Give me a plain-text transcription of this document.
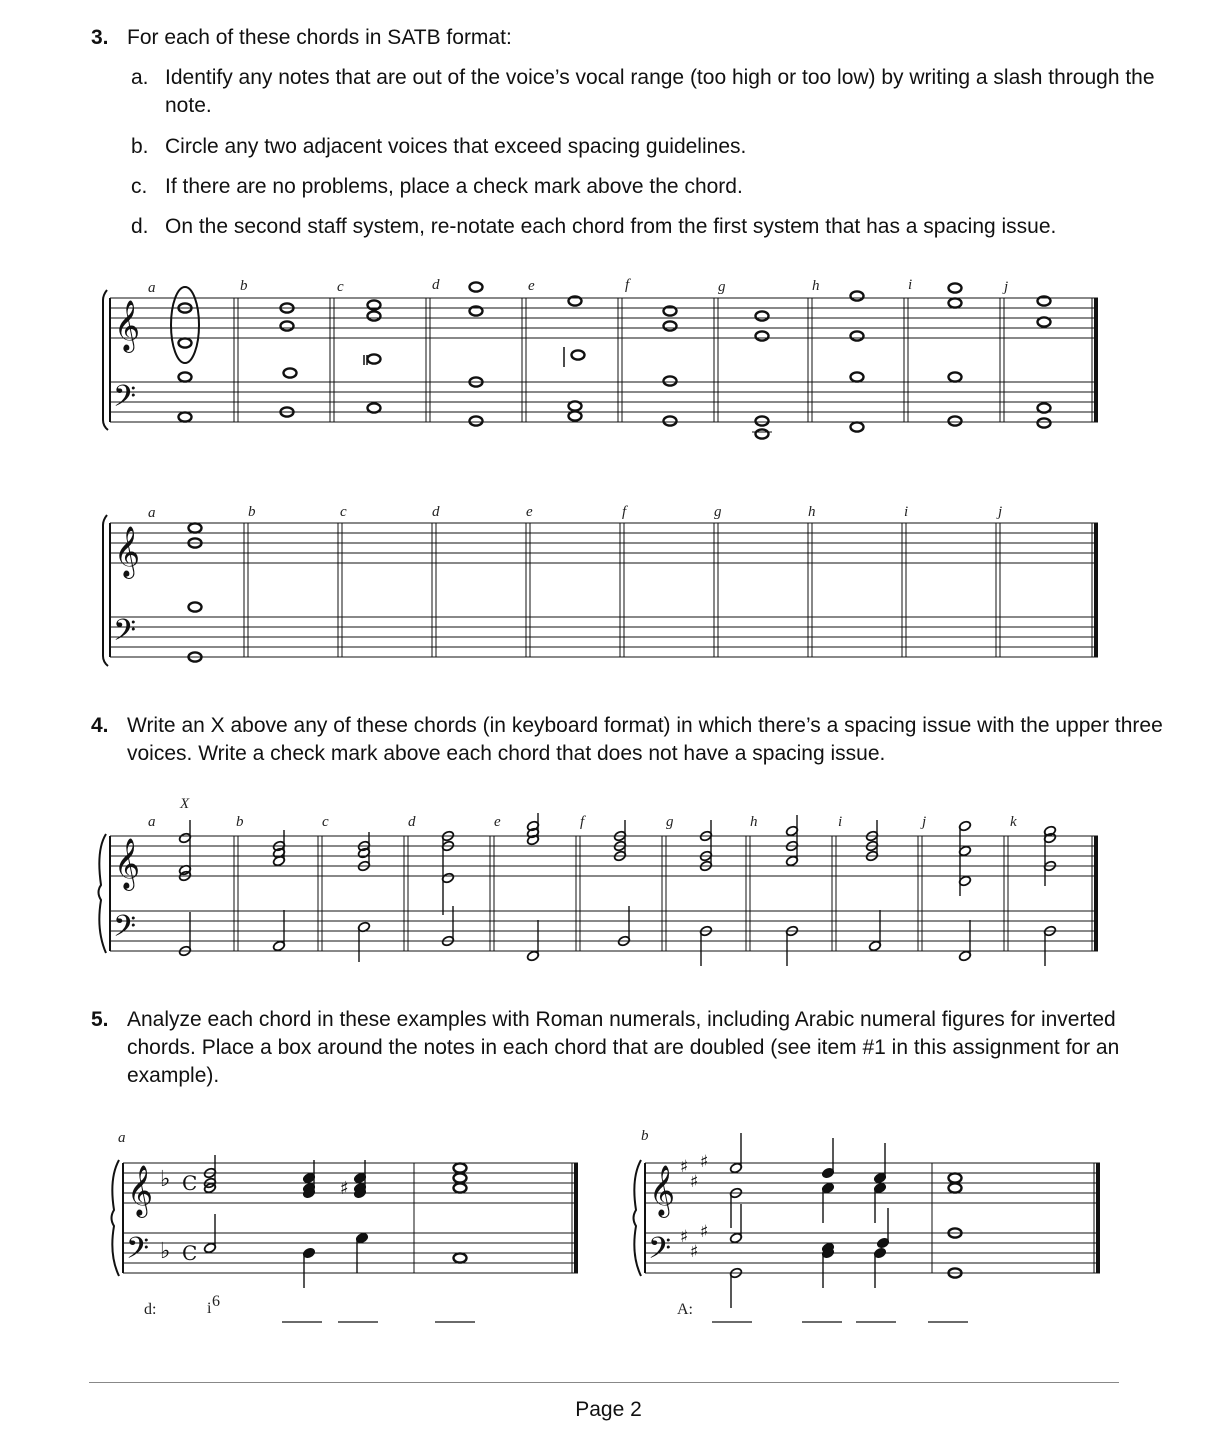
3. For each of these chords in SATB format:
a. Identify any notes that are out of the voice’s vocal range (too high or too low) by writing a slash through the
note.
b. Circle any two adjacent voices that exceed spacing guidelines.
c. If there are no problems, place a check mark above the chord.
d. On the second staff system, re-notate each chord from the first system that has a spacing issue.
4. Write an X above any of these chords (in keyboard format) in which there’s a spacing issue with the upper three
voices. Write a check mark above each chord that does not have a spacing issue.
5. Analyze each chord in these examples with Roman numerals, including Arabic numeral figures for inverted
chords. Place a box around the notes in each chord that are doubled (see item #1 in this assignment for an
example).
𝄞
𝄢
a	b	c	d	e	f	g	h	i	j
𝄞
𝄢
a	b	c	d	e	f	g	h	i	j
X
𝄞
𝄢
a	b	c	d	e	f	g	h	i	j	k
a
𝄞
𝄢
♭
♭
C
C
♯
d:	i 6
b
𝄞
𝄢
♯
♯
♯
♯
♯
♯
A:
Page 2
